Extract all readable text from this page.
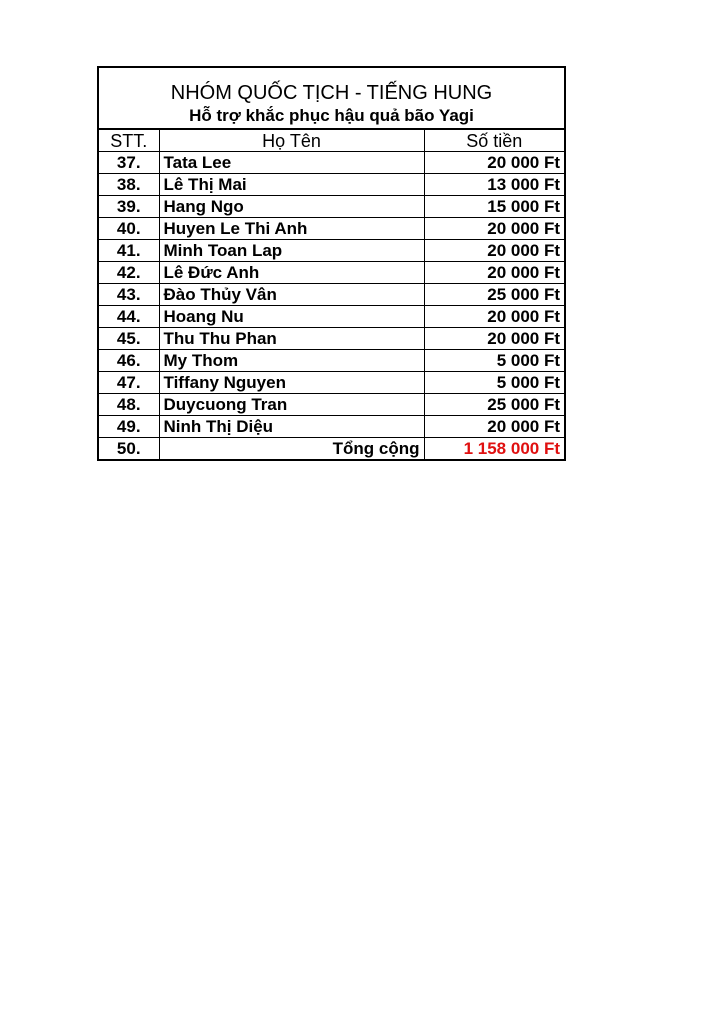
NHÓM QUỐC TỊCH - TIẾNG HUNG
Hỗ trợ khắc phục hậu quả bão Yagi
STT.	Họ Tên	Số tiền
37.	Tata Lee	20 000 Ft
38.	Lê Thị Mai	13 000 Ft
39.	Hang Ngo	15 000 Ft
40.	Huyen Le Thi Anh	20 000 Ft
41.	Minh Toan Lap	20 000 Ft
42.	Lê Đức Anh	20 000 Ft
43.	Đào Thủy Vân	25 000 Ft
44.	Hoang Nu	20 000 Ft
45.	Thu Thu Phan	20 000 Ft
46.	My Thom	5 000 Ft
47.	Tiffany Nguyen	5 000 Ft
48.	Duycuong Tran	25 000 Ft
49.	Ninh Thị Diệu	20 000 Ft
50.	Tổng cộng	1 158 000 Ft
